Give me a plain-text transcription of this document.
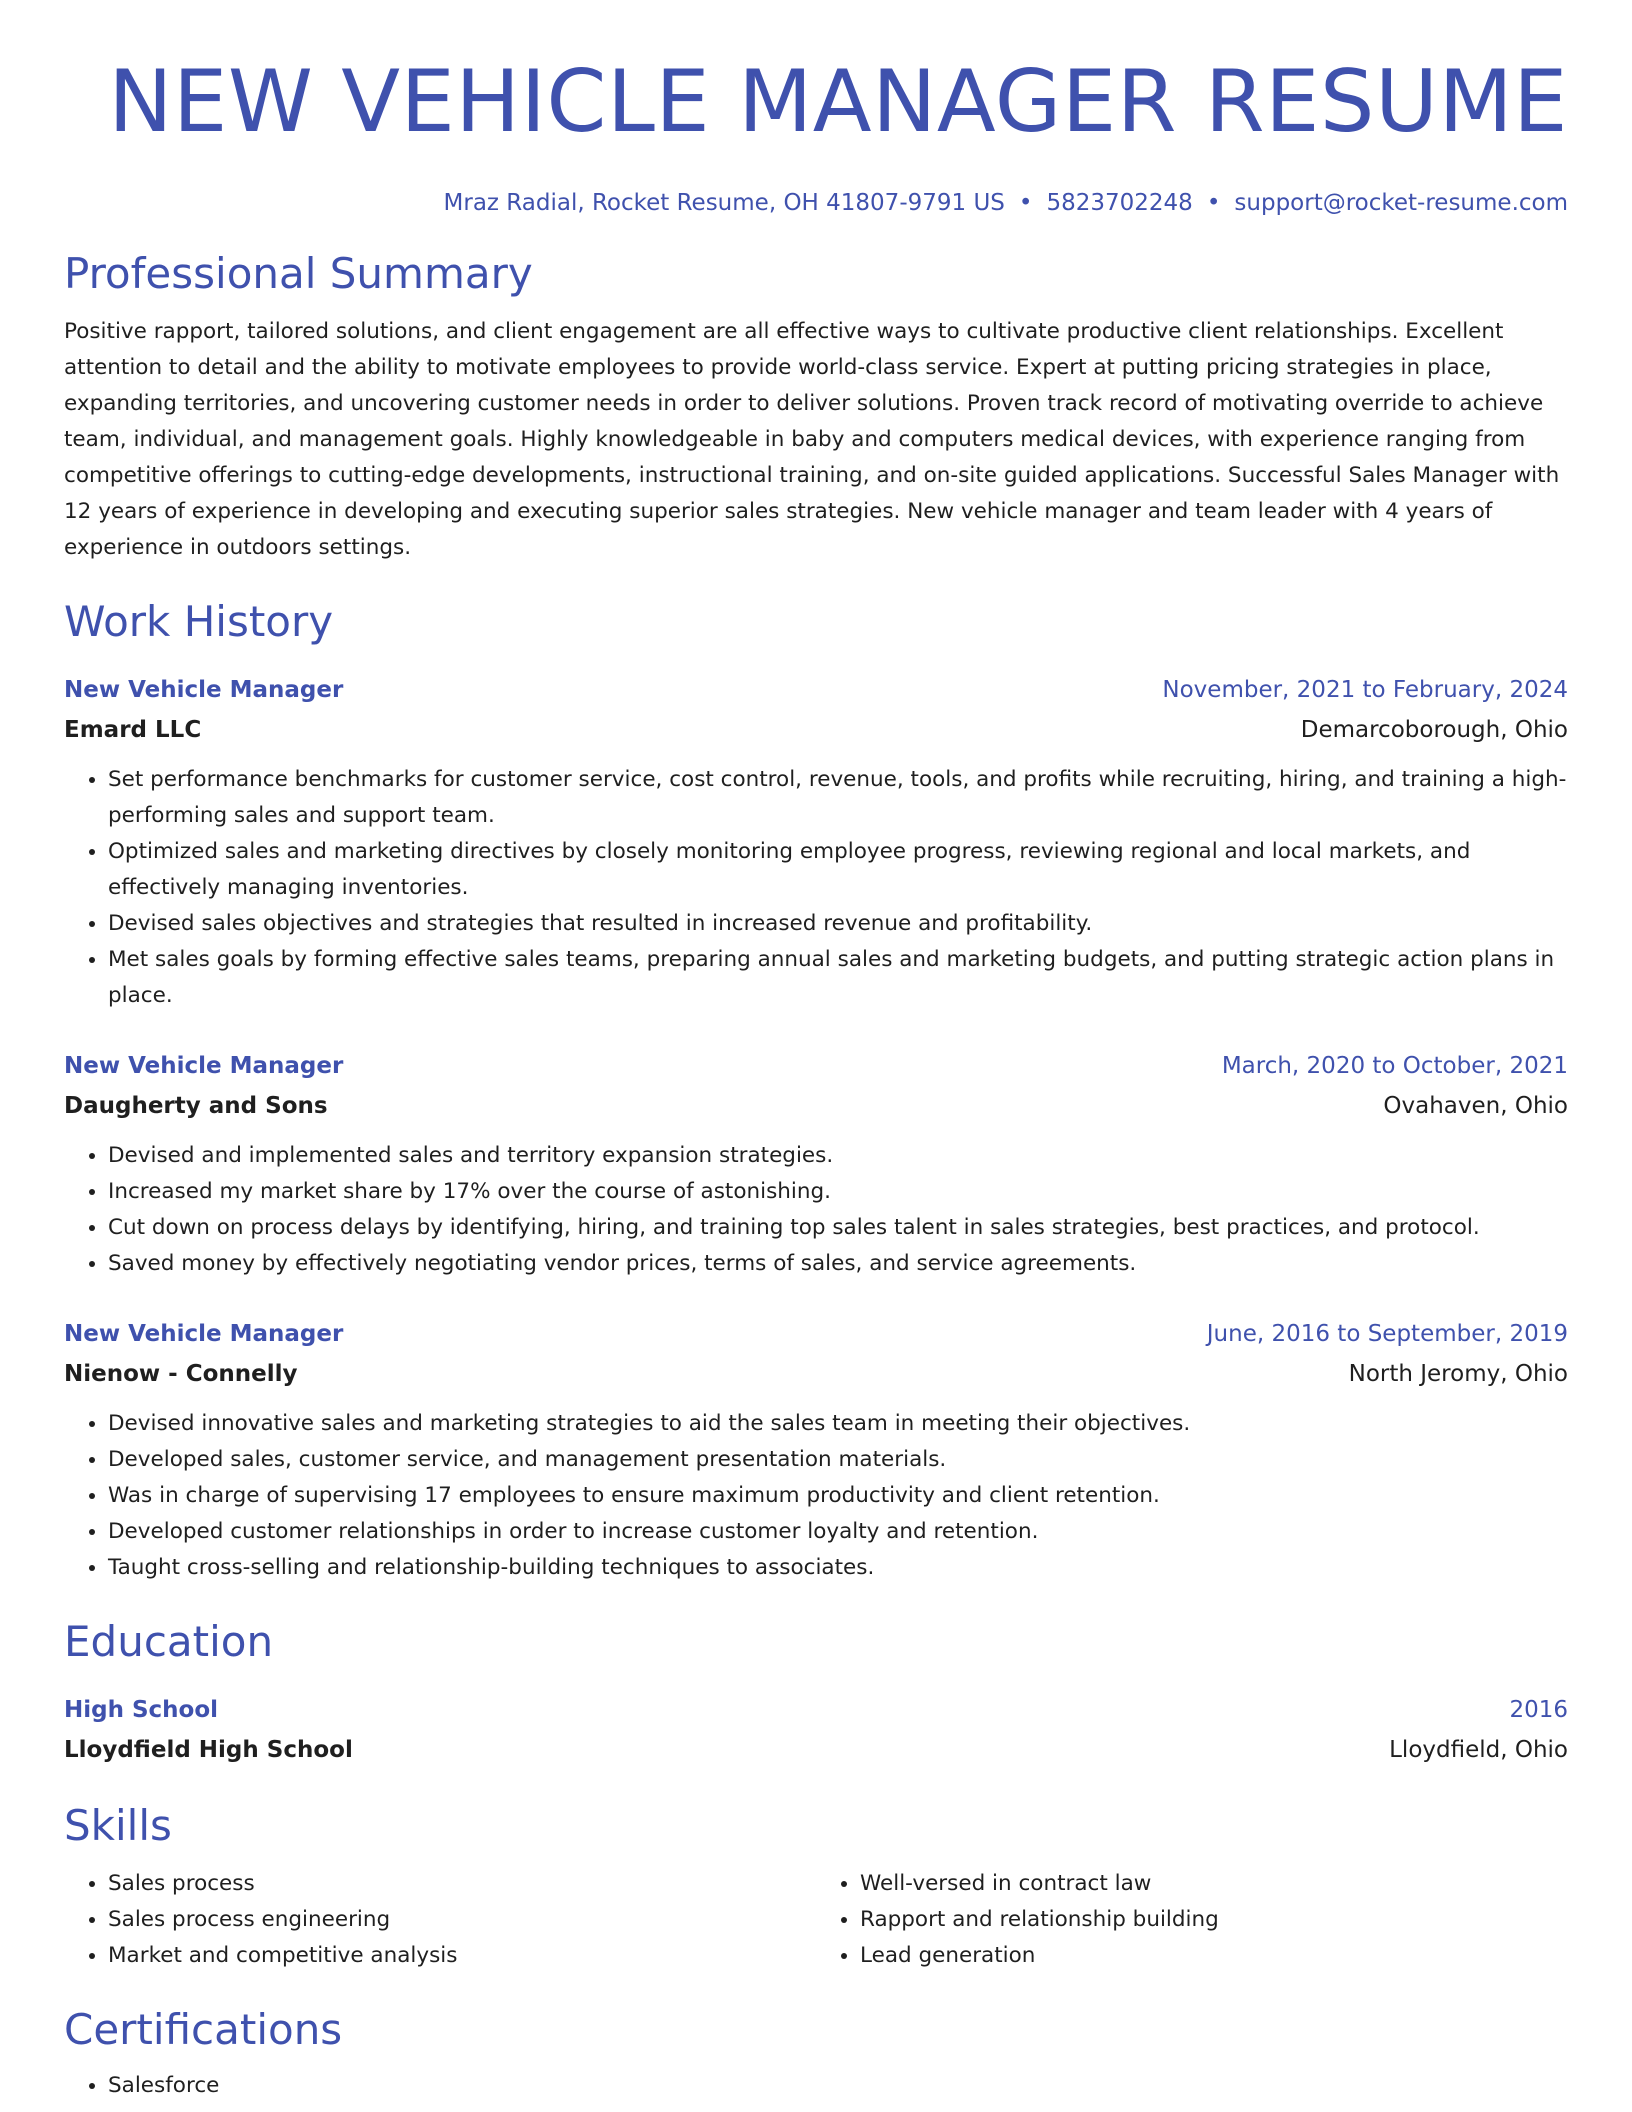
NEW VEHICLE MANAGER RESUME
Mraz Radial, Rocket Resume, OH 41807-9791 US • 5823702248 • support@rocket-resume.com
Professional Summary

Positive rapport, tailored solutions, and client engagement are all effective ways to cultivate productive client relationships. Excellent attention to detail and the ability to motivate employees to provide world-class service. Expert at putting pricing strategies in place, expanding territories, and uncovering customer needs in order to deliver solutions. Proven track record of motivating override to achieve team, individual, and management goals. Highly knowledgeable in baby and computers medical devices, with experience ranging from competitive offerings to cutting-edge developments, instructional training, and on-site guided applications. Successful Sales Manager with 12 years of experience in developing and executing superior sales strategies. New vehicle manager and team leader with 4 years of experience in outdoors settings.

Work History
New Vehicle Manager	November, 2021 to February, 2024
Emard LLC	Demarcoborough, Ohio
• Set performance benchmarks for customer service, cost control, revenue, tools, and profits while recruiting, hiring, and training a high-performing sales and support team.
• Optimized sales and marketing directives by closely monitoring employee progress, reviewing regional and local markets, and effectively managing inventories.
• Devised sales objectives and strategies that resulted in increased revenue and profitability.
• Met sales goals by forming effective sales teams, preparing annual sales and marketing budgets, and putting strategic action plans in place.
New Vehicle Manager	March, 2020 to October, 2021
Daugherty and Sons	Ovahaven, Ohio
• Devised and implemented sales and territory expansion strategies.
• Increased my market share by 17% over the course of astonishing.
• Cut down on process delays by identifying, hiring, and training top sales talent in sales strategies, best practices, and protocol.
• Saved money by effectively negotiating vendor prices, terms of sales, and service agreements.
New Vehicle Manager	June, 2016 to September, 2019
Nienow - Connelly	North Jeromy, Ohio
• Devised innovative sales and marketing strategies to aid the sales team in meeting their objectives.
• Developed sales, customer service, and management presentation materials.
• Was in charge of supervising 17 employees to ensure maximum productivity and client retention.
• Developed customer relationships in order to increase customer loyalty and retention.
• Taught cross-selling and relationship-building techniques to associates.
Education
High School	2016
Lloydfield High School	Lloydfield, Ohio
Skills
• Sales process
• Sales process engineering
• Market and competitive analysis
• Well-versed in contract law
• Rapport and relationship building
• Lead generation
Certifications
• Salesforce
